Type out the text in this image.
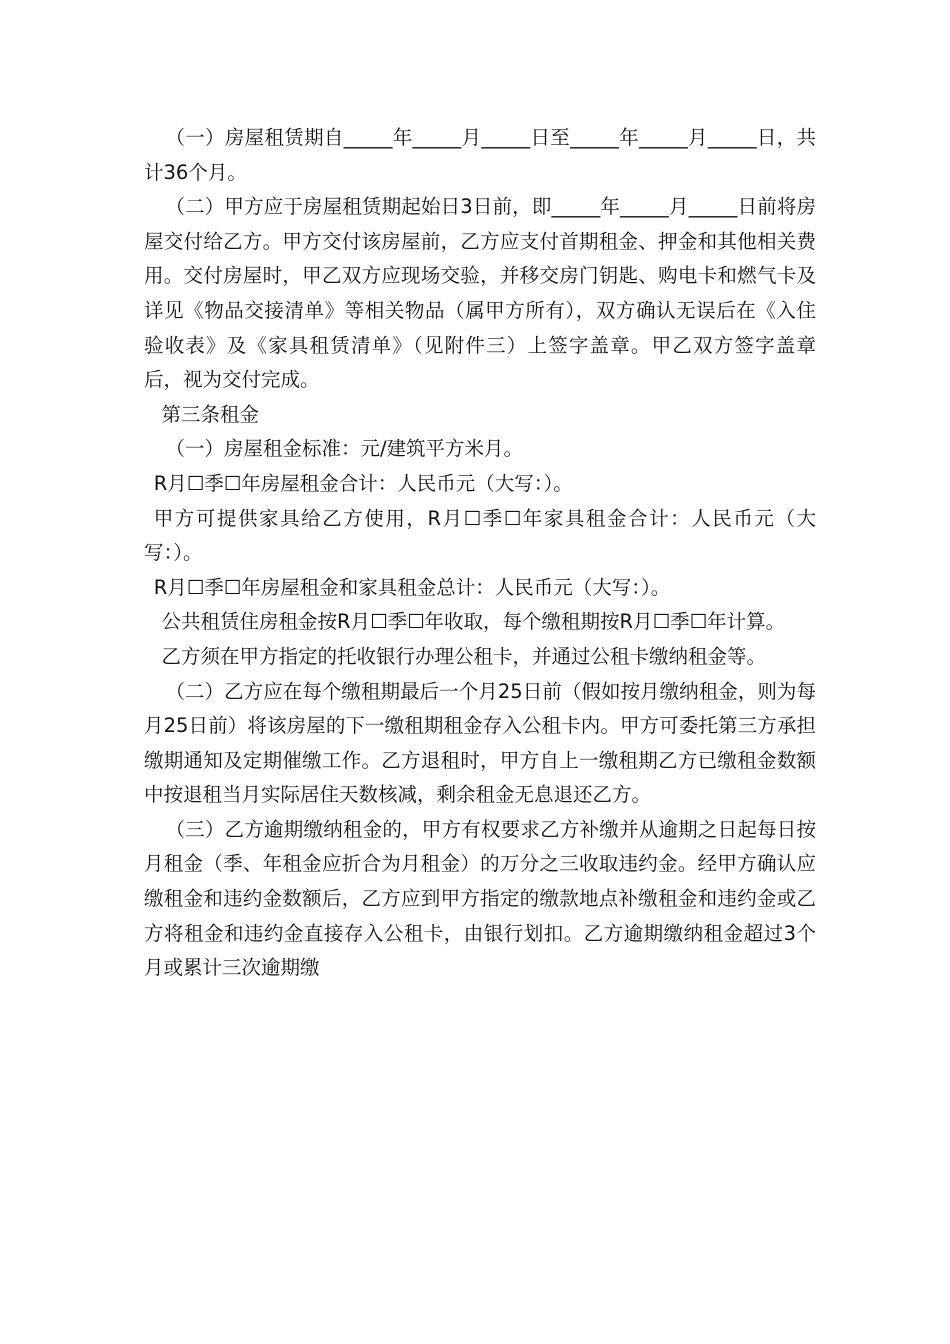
（一）房屋租赁期自_____年_____月_____日至_____年_____月_____日，共计36个月。

（二）甲方应于房屋租赁期起始日3日前，即_____年_____月_____日前将房屋交付给乙方。甲方交付该房屋前，乙方应支付首期租金、押金和其他相关费用。交付房屋时，甲乙双方应现场交验，并移交房门钥匙、购电卡和燃气卡及详见《物品交接清单》等相关物品（属甲方所有），双方确认无误后在《入住验收表》及《家具租赁清单》（见附件三）上签字盖章。甲乙双方签字盖章后，视为交付完成。

第三条租金

（一）房屋租金标准：元/建筑平方米月。

R月☐季☐年房屋租金合计：人民币元（大写：）。

甲方可提供家具给乙方使用，R月☐季☐年家具租金合计：人民币元（大写：）。

R月☐季☐年房屋租金和家具租金总计：人民币元（大写：）。

公共租赁住房租金按R月☐季☐年收取，每个缴租期按R月☐季☐年计算。

乙方须在甲方指定的托收银行办理公租卡，并通过公租卡缴纳租金等。

（二）乙方应在每个缴租期最后一个月25日前（假如按月缴纳租金，则为每月25日前）将该房屋的下一缴租期租金存入公租卡内。甲方可委托第三方承担缴期通知及定期催缴工作。乙方退租时，甲方自上一缴租期乙方已缴租金数额中按退租当月实际居住天数核减，剩余租金无息退还乙方。

（三）乙方逾期缴纳租金的，甲方有权要求乙方补缴并从逾期之日起每日按月租金（季、年租金应折合为月租金）的万分之三收取违约金。经甲方确认应缴租金和违约金数额后，乙方应到甲方指定的缴款地点补缴租金和违约金或乙方将租金和违约金直接存入公租卡，由银行划扣。乙方逾期缴纳租金超过3个月或累计三次逾期缴
